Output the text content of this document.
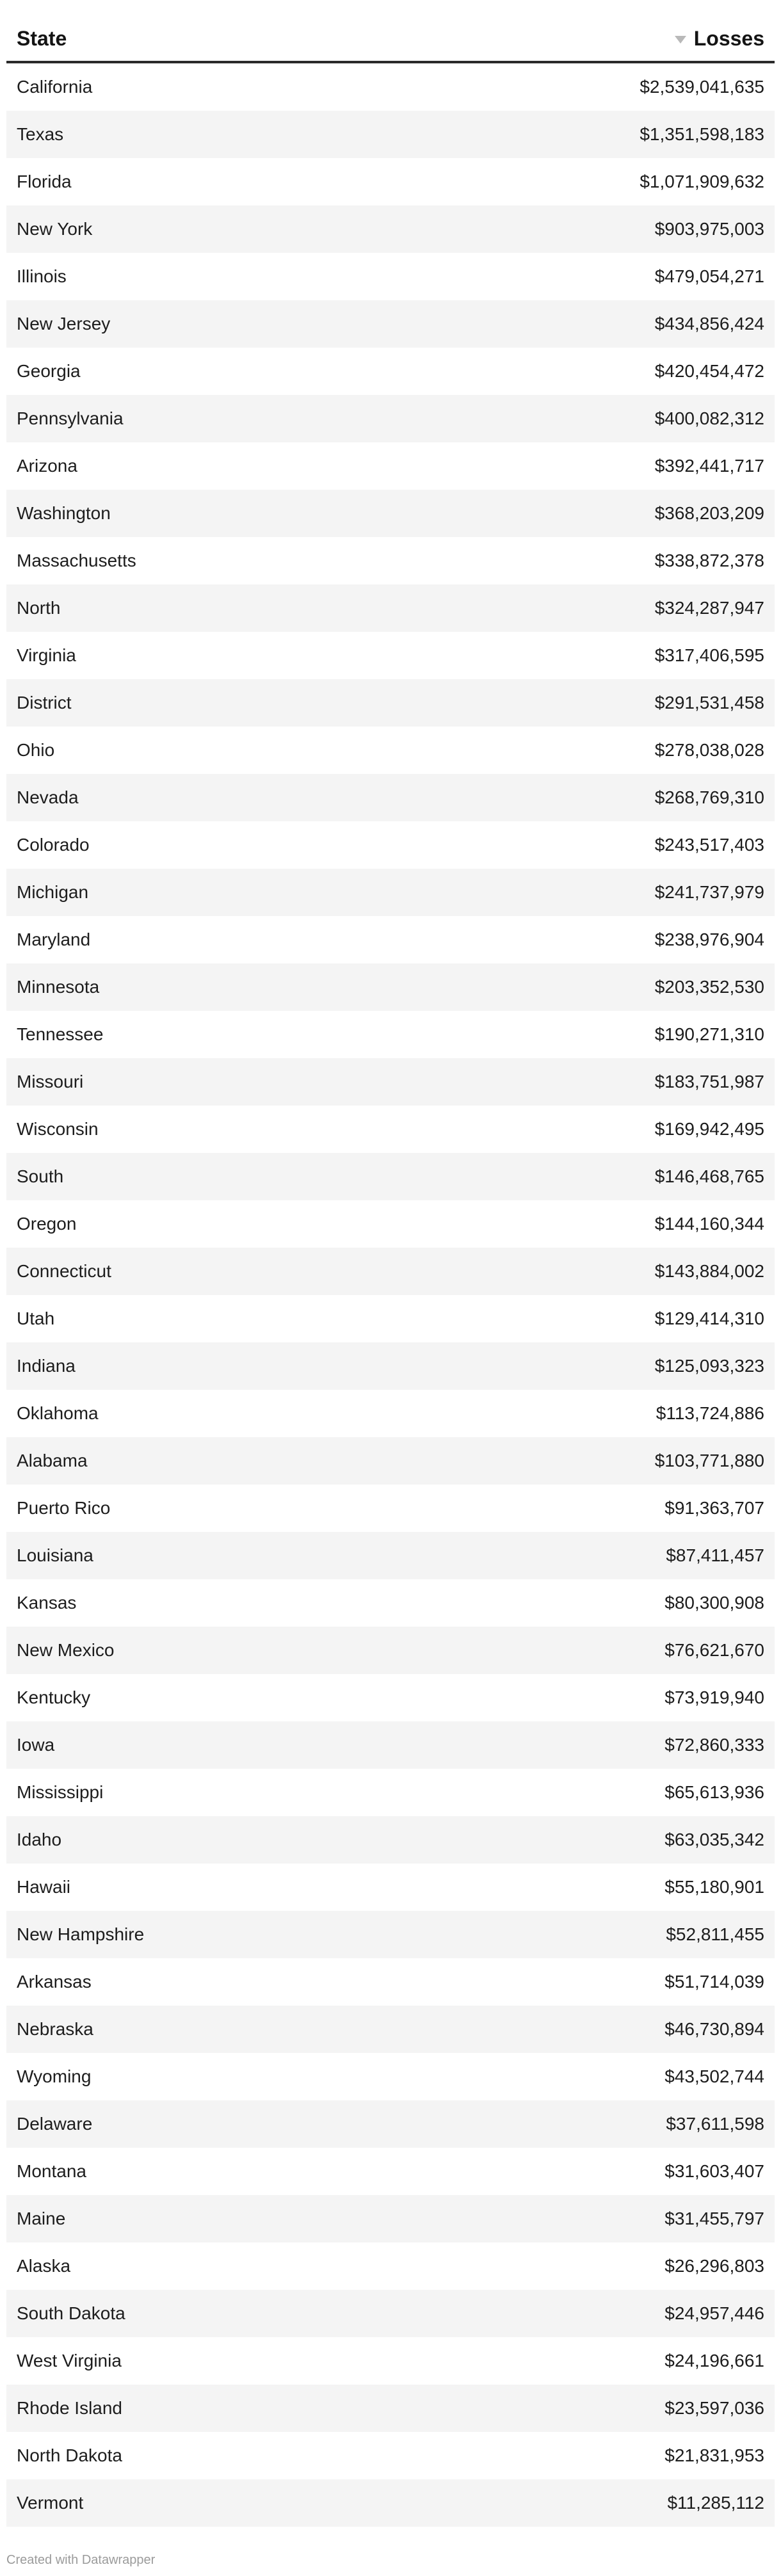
State	Losses
California	$2,539,041,635
Texas	$1,351,598,183
Florida	$1,071,909,632
New York	$903,975,003
Illinois	$479,054,271
New Jersey	$434,856,424
Georgia	$420,454,472
Pennsylvania	$400,082,312
Arizona	$392,441,717
Washington	$368,203,209
Massachusetts	$338,872,378
North	$324,287,947
Virginia	$317,406,595
District	$291,531,458
Ohio	$278,038,028
Nevada	$268,769,310
Colorado	$243,517,403
Michigan	$241,737,979
Maryland	$238,976,904
Minnesota	$203,352,530
Tennessee	$190,271,310
Missouri	$183,751,987
Wisconsin	$169,942,495
South	$146,468,765
Oregon	$144,160,344
Connecticut	$143,884,002
Utah	$129,414,310
Indiana	$125,093,323
Oklahoma	$113,724,886
Alabama	$103,771,880
Puerto Rico	$91,363,707
Louisiana	$87,411,457
Kansas	$80,300,908
New Mexico	$76,621,670
Kentucky	$73,919,940
Iowa	$72,860,333
Mississippi	$65,613,936
Idaho	$63,035,342
Hawaii	$55,180,901
New Hampshire	$52,811,455
Arkansas	$51,714,039
Nebraska	$46,730,894
Wyoming	$43,502,744
Delaware	$37,611,598
Montana	$31,603,407
Maine	$31,455,797
Alaska	$26,296,803
South Dakota	$24,957,446
West Virginia	$24,196,661
Rhode Island	$23,597,036
North Dakota	$21,831,953
Vermont	$11,285,112
Created with Datawrapper
